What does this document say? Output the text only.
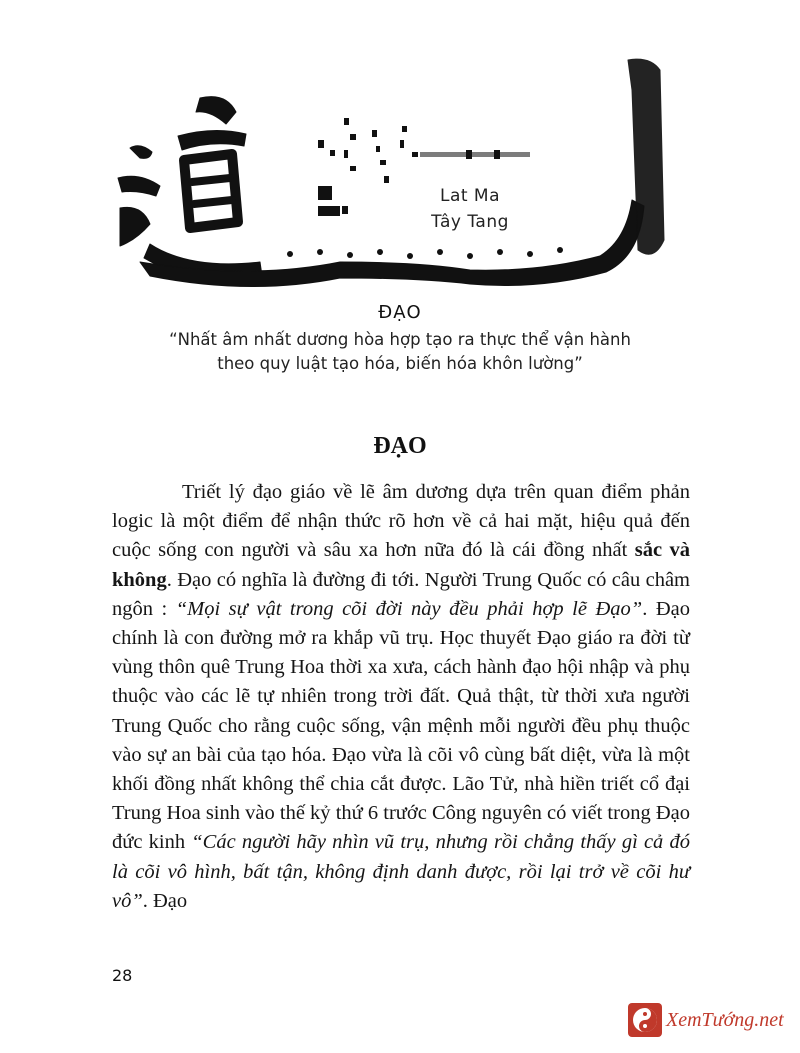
Lat Ma
Tây Tang
ĐẠO
“Nhất âm nhất dương hòa hợp tạo ra thực thể vận hành
theo quy luật tạo hóa, biến hóa khôn lường”
ĐẠO

Triết lý đạo giáo về lẽ âm dương dựa trên quan điểm phản logic là một điểm để nhận thức rõ hơn về cả hai mặt, hiệu quả đến cuộc sống con người và sâu xa hơn nữa đó là cái đồng nhất sắc và không. Đạo có nghĩa là đường đi tới. Người Trung Quốc có câu châm ngôn : “Mọi sự vật trong cõi đời này đều phải hợp lẽ Đạo”. Đạo chính là con đường mở ra khắp vũ trụ. Học thuyết Đạo giáo ra đời từ vùng thôn quê Trung Hoa thời xa xưa, cách hành đạo hội nhập và phụ thuộc vào các lẽ tự nhiên trong trời đất. Quả thật, từ thời xưa người Trung Quốc cho rằng cuộc sống, vận mệnh mỗi người đều phụ thuộc vào sự an bài của tạo hóa. Đạo vừa là cõi vô cùng bất diệt, vừa là một khối đồng nhất không thể chia cắt được. Lão Tử, nhà hiền triết cổ đại Trung Hoa sinh vào thế kỷ thứ 6 trước Công nguyên có viết trong Đạo đức kinh “Các người hãy nhìn vũ trụ, nhưng rồi chẳng thấy gì cả đó là cõi vô hình, bất tận, không định danh được, rồi lại trở về cõi hư vô”. Đạo

28
XemTướng.net
